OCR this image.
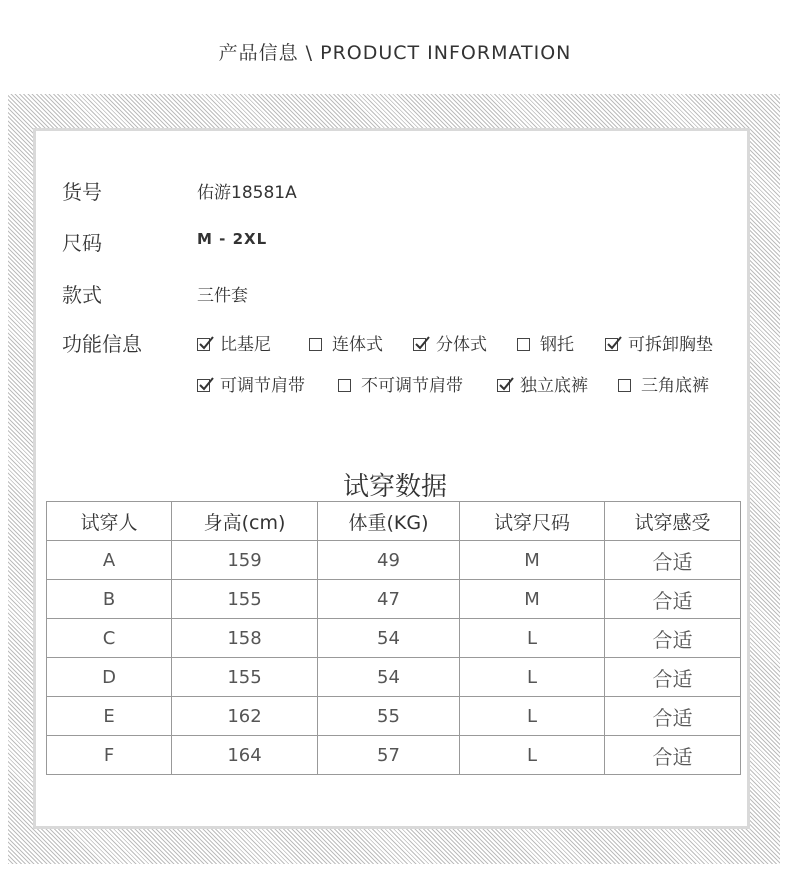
产品信息 \ PRODUCT INFORMATION
货号	佑游18581A
尺码	M - 2XL
款式	三件套
功能信息	比基尼	连体式	分体式	钢托	可拆卸胸垫
可调节肩带	不可调节肩带	独立底裤	三角底裤
试穿数据
试穿人	身高(cm)	体重(KG)	试穿尺码	试穿感受
A	159	49	M	合适
B	155	47	M	合适
C	158	54	L	合适
D	155	54	L	合适
E	162	55	L	合适
F	164	57	L	合适
